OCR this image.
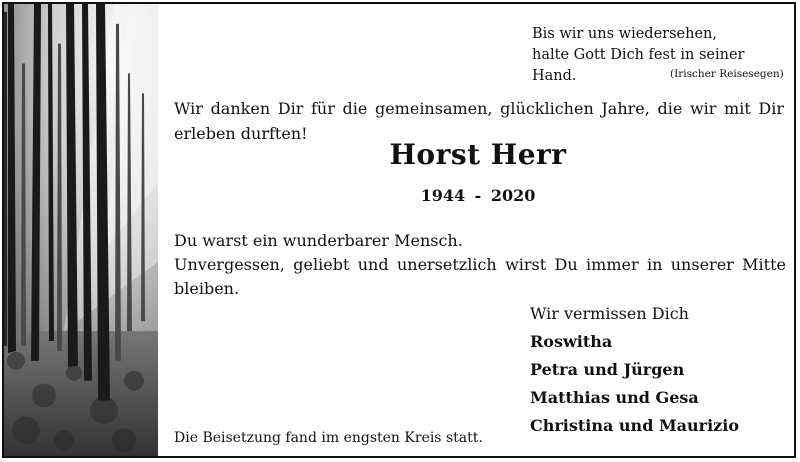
Bis wir uns wiedersehen,
halte Gott Dich fest in seiner Hand.	(Irischer Reisesegen)
Wir danken Dir für die gemeinsamen, glücklichen Jahre, die wir mit Dir erleben durften!
Horst Herr
1944 - 2020
Du warst ein wunderbarer Mensch.
Unvergessen, geliebt und unersetzlich wirst Du immer in unserer Mitte
bleiben.
Wir vermissen Dich
Roswitha
Petra und Jürgen
Matthias und Gesa
Christina und Maurizio
Die Beisetzung fand im engsten Kreis statt.
